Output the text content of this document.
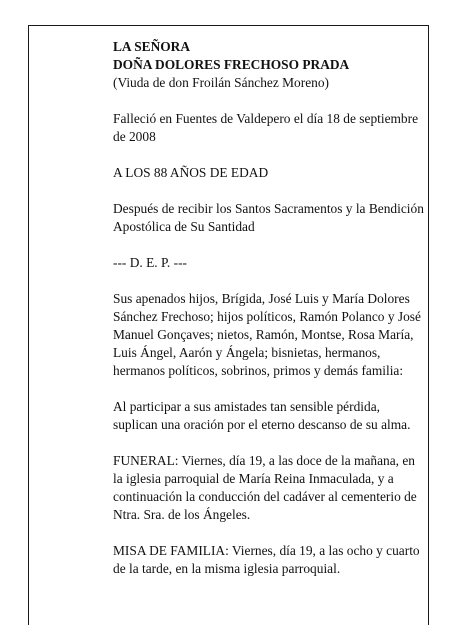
LA SEÑORA
DOÑA DOLORES FRECHOSO PRADA
(Viuda de don Froilán Sánchez Moreno)

Falleció en Fuentes de Valdepero el día 18 de septiembre de 2008

A LOS 88 AÑOS DE EDAD

Después de recibir los Santos Sacramentos y la Bendición Apostólica de Su Santidad

--- D. E. P. ---

Sus apenados hijos, Brígida, José Luis y María Dolores Sánchez Frechoso; hijos políticos, Ramón Polanco y José Manuel Gonçaves; nietos, Ramón, Montse, Rosa María, Luis Ángel, Aarón y Ángela; bisnietas, hermanos, hermanos políticos, sobrinos, primos y demás familia:

Al participar a sus amistades tan sensible pérdida, suplican una oración por el eterno descanso de su alma.

FUNERAL: Viernes, día 19, a las doce de la mañana, en la iglesia parroquial de María Reina Inmaculada, y a continuación la conducción del cadáver al cementerio de Ntra. Sra. de los Ángeles.

MISA DE FAMILIA: Viernes, día 19, a las ocho y cuarto de la tarde, en la misma iglesia parroquial.
